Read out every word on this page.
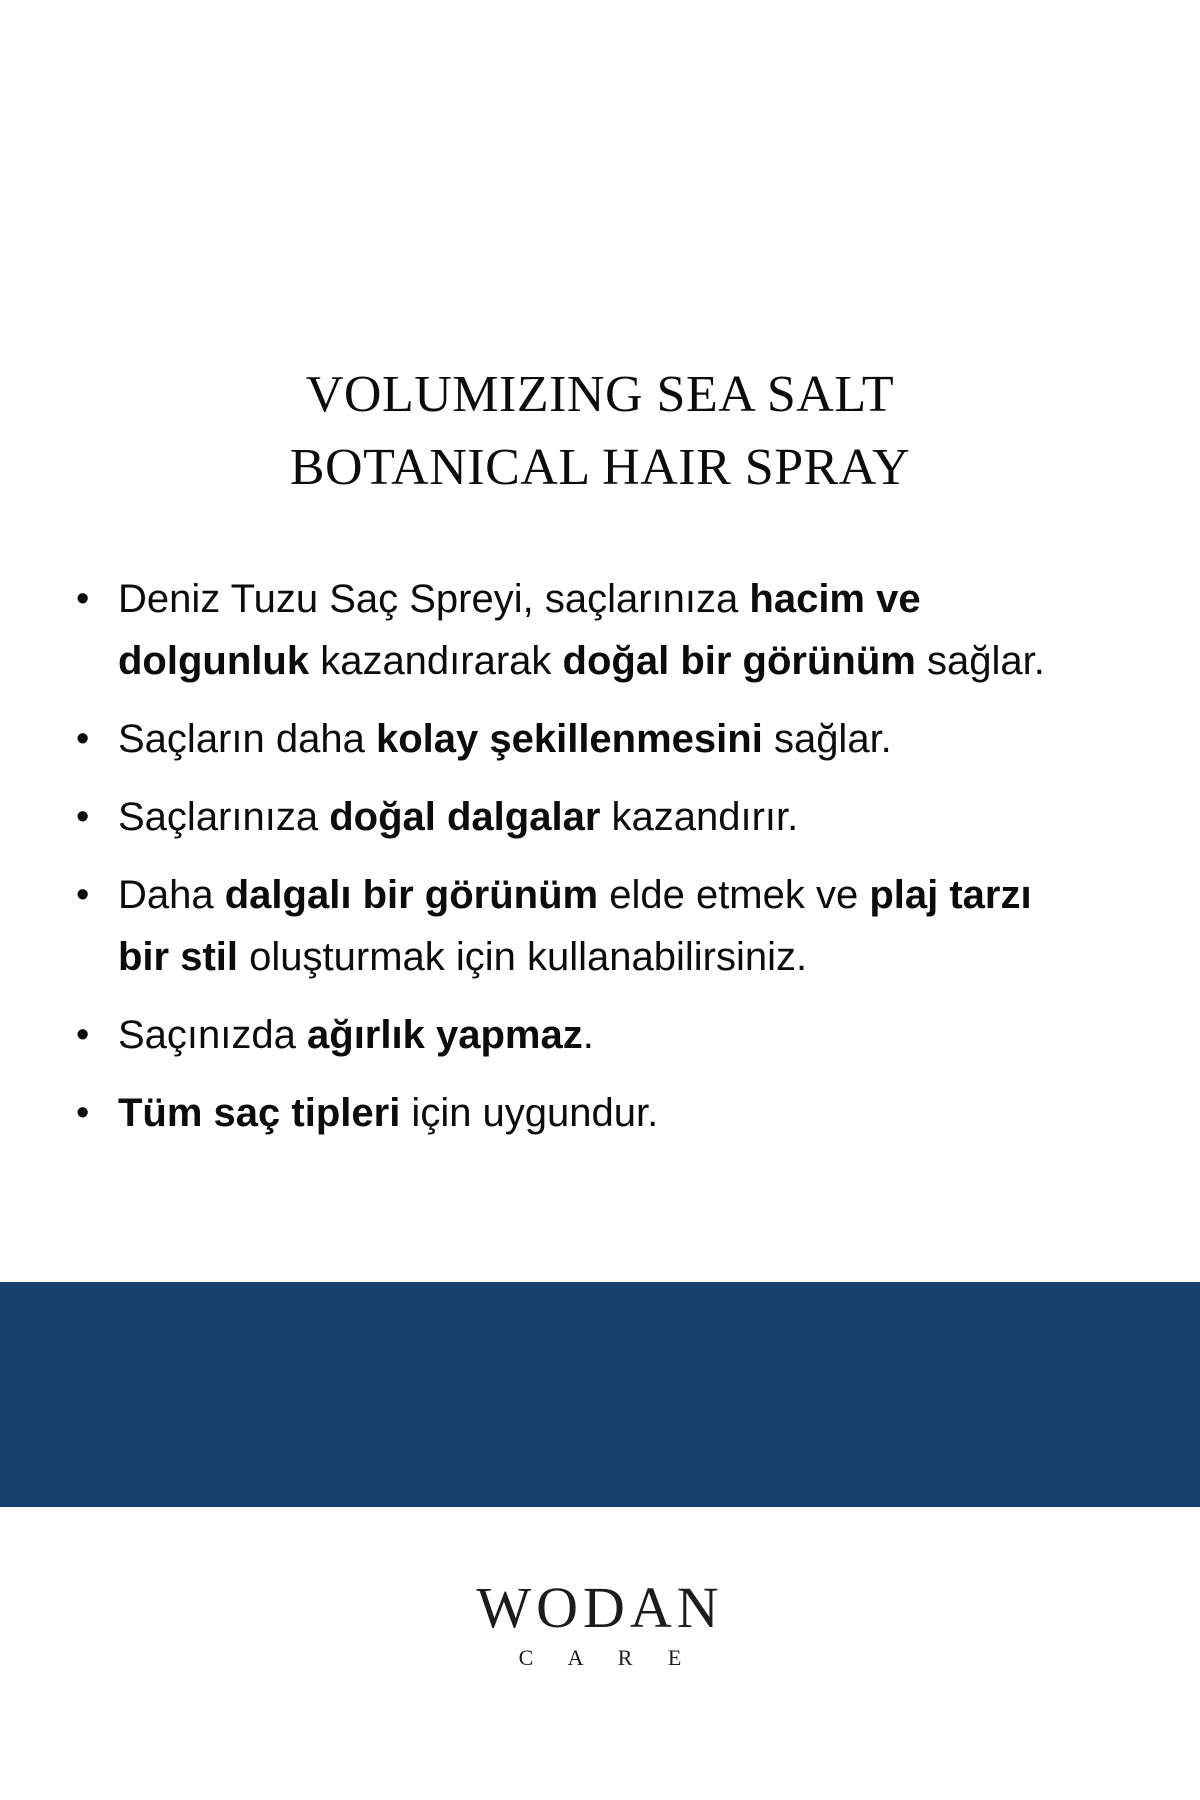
VOLUMIZING SEA SALT
BOTANICAL HAIR SPRAY
• Deniz Tuzu Saç Spreyi, saçlarınıza hacim ve
dolgunluk kazandırarak doğal bir görünüm sağlar.
• Saçların daha kolay şekillenmesini sağlar.
• Saçlarınıza doğal dalgalar kazandırır.
• Daha dalgalı bir görünüm elde etmek ve plaj tarzı
bir stil oluşturmak için kullanabilirsiniz.
• Saçınızda ağırlık yapmaz.
• Tüm saç tipleri için uygundur.
WODAN
C A R E
